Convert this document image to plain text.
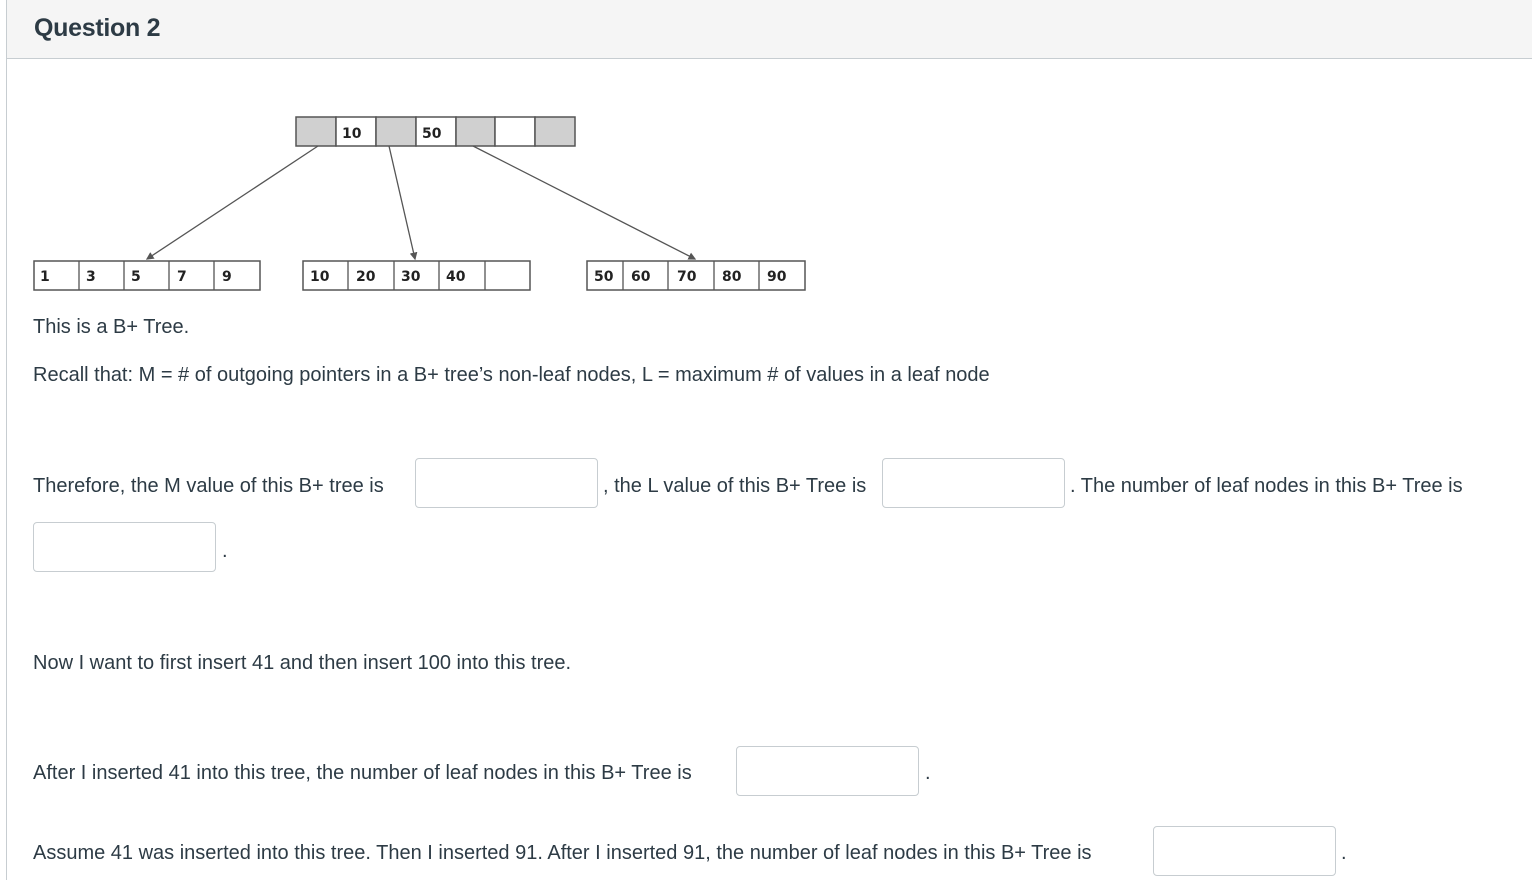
Question 2
10	50
1	3	5	7	9	10 20 30 40	50 60 70 80 90
This is a B+ Tree.
Recall that: M = # of outgoing pointers in a B+ tree’s non-leaf nodes, L = maximum # of values in a leaf node
Therefore, the M value of this B+ tree is	, the L value of this B+ Tree is	. The number of leaf nodes in this B+ Tree is
.
Now I want to first insert 41 and then insert 100 into this tree.
After I inserted 41 into this tree, the number of leaf nodes in this B+ Tree is	.
Assume 41 was inserted into this tree. Then I inserted 91. After I inserted 91, the number of leaf nodes in this B+ Tree is	.
